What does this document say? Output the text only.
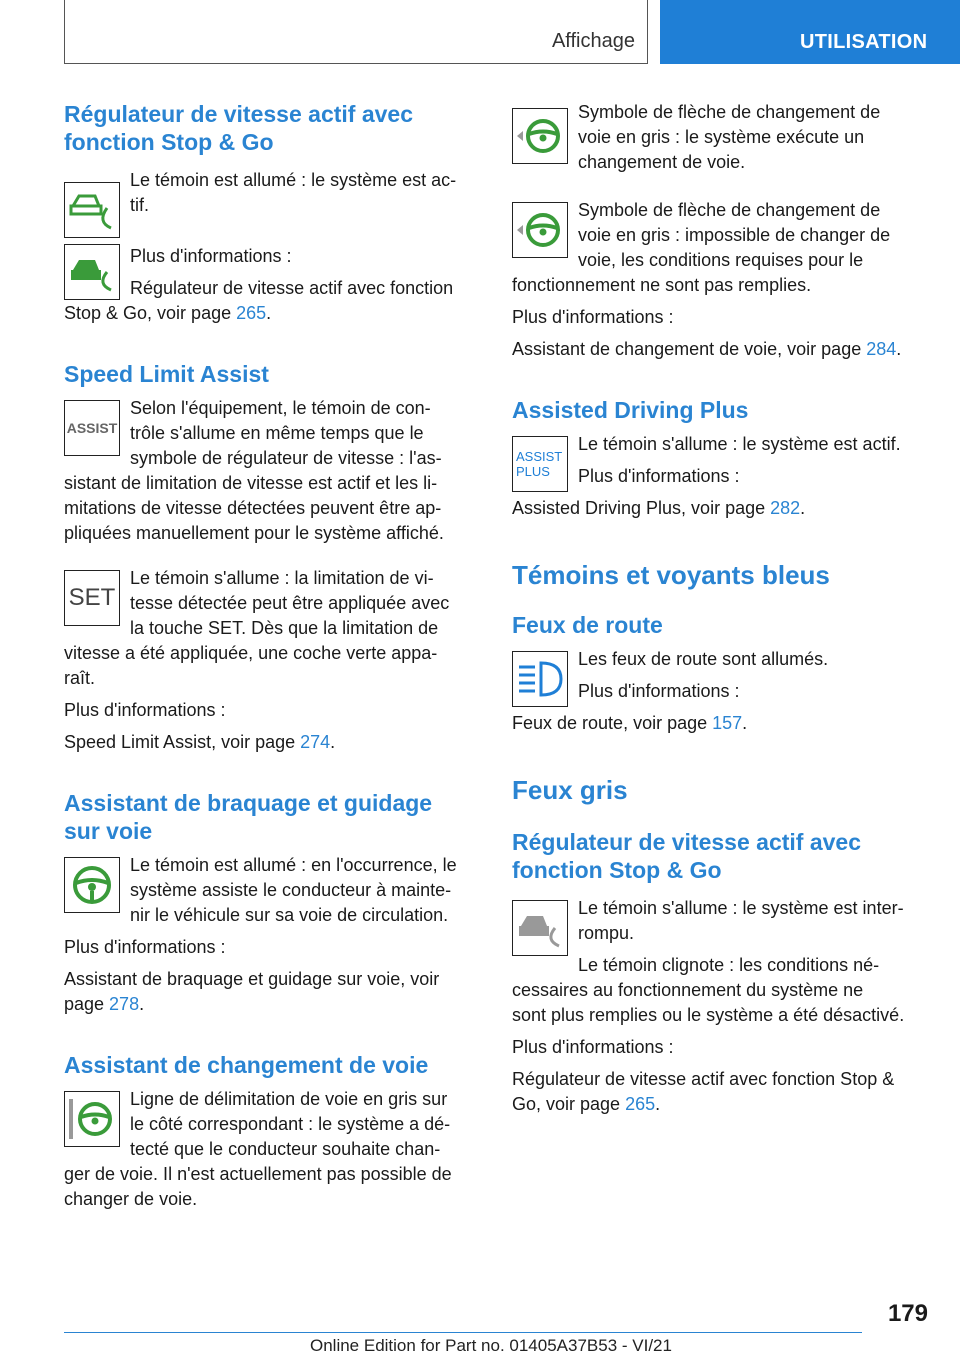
Affichage	UTILISATION
Régulateur de vitesse actif avec
fonction Stop & Go

Le témoin est allumé : le système est ac-

tif.

Plus d'informations :

Régulateur de vitesse actif avec fonction

Stop & Go, voir page 265.

Speed Limit Assist
ASSIST

Selon l'équipement, le témoin de con-

trôle s'allume en même temps que le

symbole de régulateur de vitesse : l'as-

sistant de limitation de vitesse est actif et les li-

mitations de vitesse détectées peuvent être ap-

pliquées manuellement pour le système affiché.

SET

Le témoin s'allume : la limitation de vi-

tesse détectée peut être appliquée avec

la touche SET. Dès que la limitation de

vitesse a été appliquée, une coche verte appa-

raît.

Plus d'informations :

Speed Limit Assist, voir page 274.

Assistant de braquage et guidage
sur voie

Le témoin est allumé : en l'occurrence, le

système assiste le conducteur à mainte-

nir le véhicule sur sa voie de circulation.

Plus d'informations :

Assistant de braquage et guidage sur voie, voir

page 278.

Assistant de changement de voie

Ligne de délimitation de voie en gris sur

le côté correspondant : le système a dé-

tecté que le conducteur souhaite chan-

ger de voie. Il n'est actuellement pas possible de

changer de voie.

Symbole de flèche de changement de

voie en gris : le système exécute un

changement de voie.

Symbole de flèche de changement de

voie en gris : impossible de changer de

voie, les conditions requises pour le

fonctionnement ne sont pas remplies.

Plus d'informations :

Assistant de changement de voie, voir page 284.

Assisted Driving Plus
ASSIST
PLUS

Le témoin s'allume : le système est actif.

Plus d'informations :

Assisted Driving Plus, voir page 282.

Témoins et voyants bleus
Feux de route

Les feux de route sont allumés.

Plus d'informations :

Feux de route, voir page 157.

Feux gris
Régulateur de vitesse actif avec
fonction Stop & Go

Le témoin s'allume : le système est inter-

rompu.

Le témoin clignote : les conditions né-

cessaires au fonctionnement du système ne

sont plus remplies ou le système a été désactivé.

Plus d'informations :

Régulateur de vitesse actif avec fonction Stop &

Go, voir page 265.

179
Online Edition for Part no. 01405A37B53 - VI/21
